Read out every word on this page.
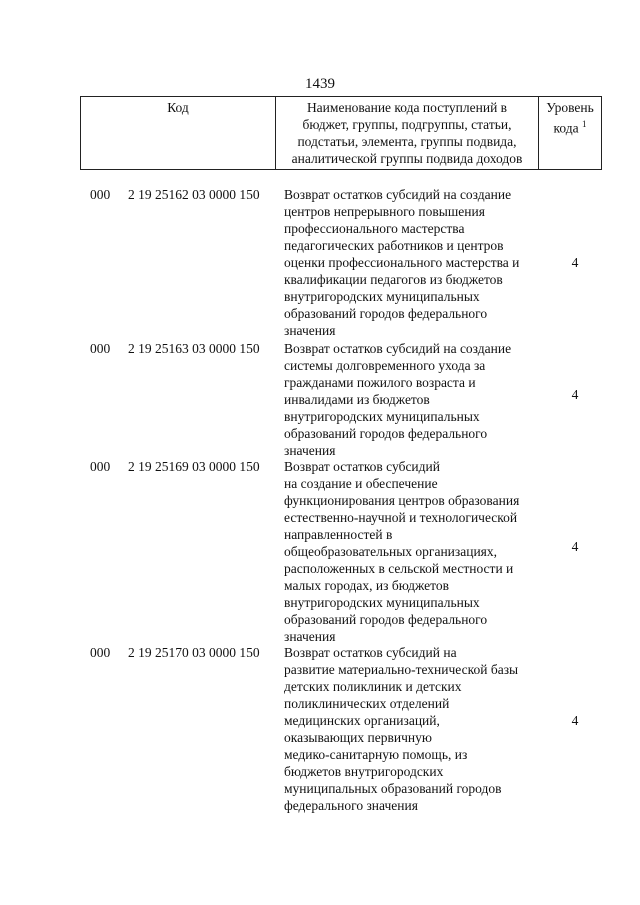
1439
Код	Наименование кода поступлений в
бюджет, группы, подгруппы, статьи,
подстатьи, элемента, группы подвида,
аналитической группы подвида доходов

Уровень
кода $^1$
000	2 19 25162 03 0000 150 Возврат остатков субсидий на создание
центров непрерывного повышения
профессионального мастерства
педагогических работников и центров
оценки профессионального мастерства и
квалификации педагогов из бюджетов
внутригородских муниципальных
образований городов федерального
значения
4
000	2 19 25163 03 0000 150 Возврат остатков субсидий на создание
системы долговременного ухода за
гражданами пожилого возраста и
инвалидами из бюджетов
внутригородских муниципальных
образований городов федерального
значения
4
000	2 19 25169 03 0000 150 Возврат остатков субсидий
на создание и обеспечение
функционирования центров образования
естественно-научной и технологической
направленностей в
общеобразовательных организациях,
расположенных в сельской местности и
малых городах, из бюджетов
внутригородских муниципальных
образований городов федерального
значения
4
000	2 19 25170 03 0000 150 Возврат остатков субсидий на
развитие материально-технической базы
детских поликлиник и детских
поликлинических отделений
медицинских организаций,
оказывающих первичную
медико-санитарную помощь, из
бюджетов внутригородских
муниципальных образований городов
федерального значения
4
